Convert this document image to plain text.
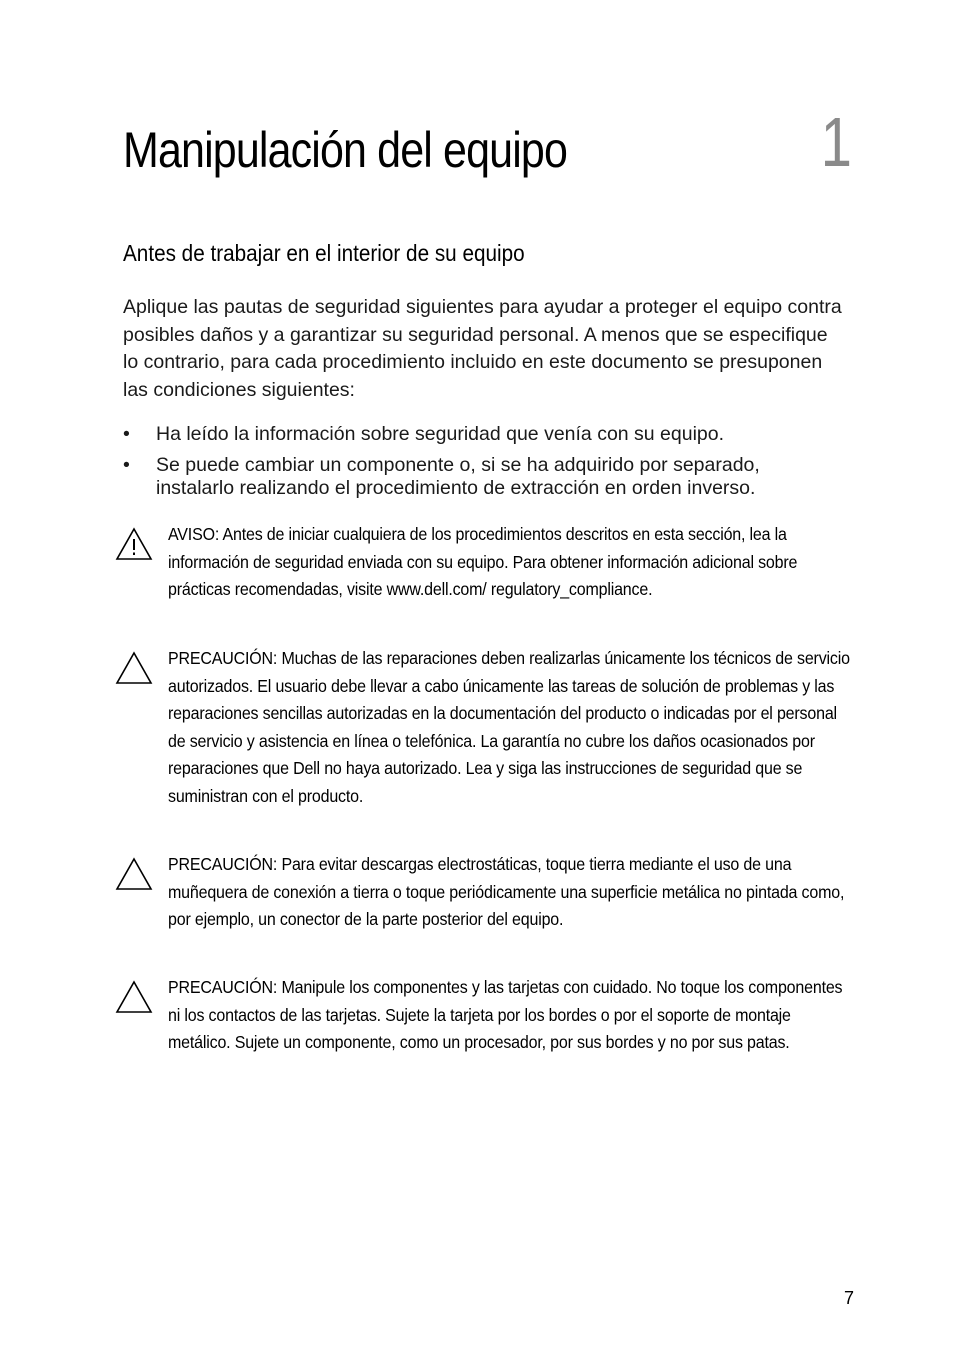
Manipulación del equipo	1
Antes de trabajar en el interior de su equipo

Aplique las pautas de seguridad siguientes para ayudar a proteger el equipo contra posibles daños y a garantizar su seguridad personal. A menos que se especifique lo contrario, para cada procedimiento incluido en este documento se presuponen las condiciones siguientes:

• Ha leído la información sobre seguridad que venía con su equipo.
• Se puede cambiar un componente o, si se ha adquirido por separado, instalarlo realizando el procedimiento de extracción en orden inverso.

AVISO: Antes de iniciar cualquiera de los procedimientos descritos en esta sección, lea la información de seguridad enviada con su equipo. Para obtener información adicional sobre prácticas recomendadas, visite www.dell.com/ regulatory_compliance.

PRECAUCIÓN: Muchas de las reparaciones deben realizarlas únicamente los técnicos de servicio autorizados. El usuario debe llevar a cabo únicamente las tareas de solución de problemas y las reparaciones sencillas autorizadas en la documentación del producto o indicadas por el personal de servicio y asistencia en línea o telefónica. La garantía no cubre los daños ocasionados por reparaciones que Dell no haya autorizado. Lea y siga las instrucciones de seguridad que se suministran con el producto.

PRECAUCIÓN: Para evitar descargas electrostáticas, toque tierra mediante el uso de una muñequera de conexión a tierra o toque periódicamente una superficie metálica no pintada como, por ejemplo, un conector de la parte posterior del equipo.

PRECAUCIÓN: Manipule los componentes y las tarjetas con cuidado. No toque los componentes ni los contactos de las tarjetas. Sujete la tarjeta por los bordes o por el soporte de montaje metálico. Sujete un componente, como un procesador, por sus bordes y no por sus patas.

7
